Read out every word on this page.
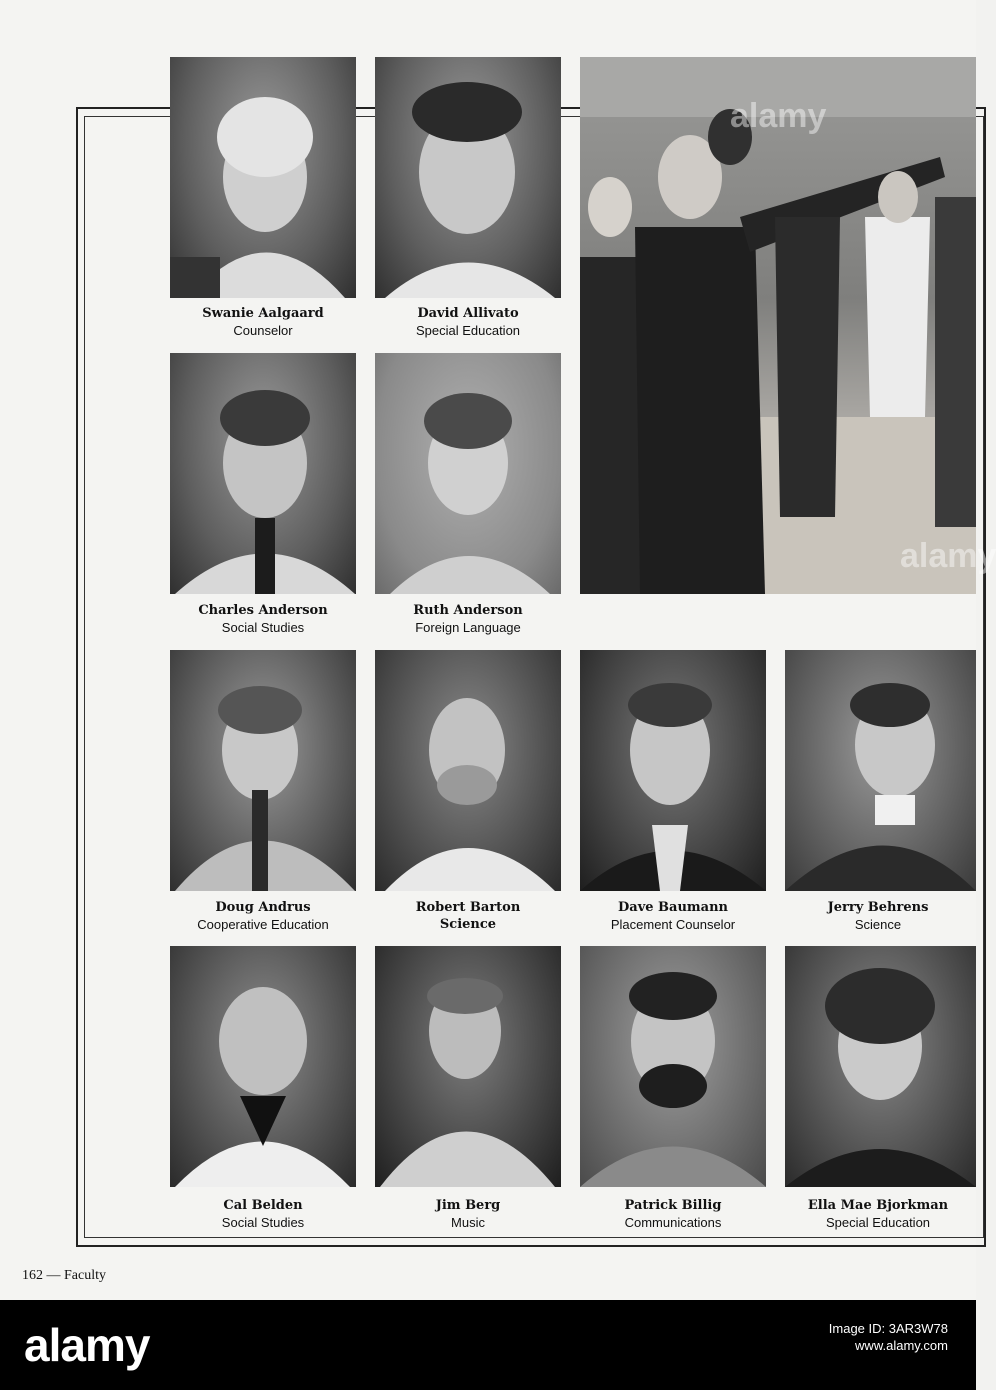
Swanie Aalgaard
Counselor
David Allivato
Special Education
Charles Anderson
Social Studies
Ruth Anderson
Foreign Language
alamy
alamy
Doug Andrus
Cooperative Education
Robert Barton
Science
Dave Baumann
Placement Counselor
Jerry Behrens
Science
Cal Belden
Social Studies
Jim Berg
Music
Patrick Billig
Communications
Ella Mae Bjorkman
Special Education
162 — Faculty
alamy	Image ID: 3AR3W78
www.alamy.com
